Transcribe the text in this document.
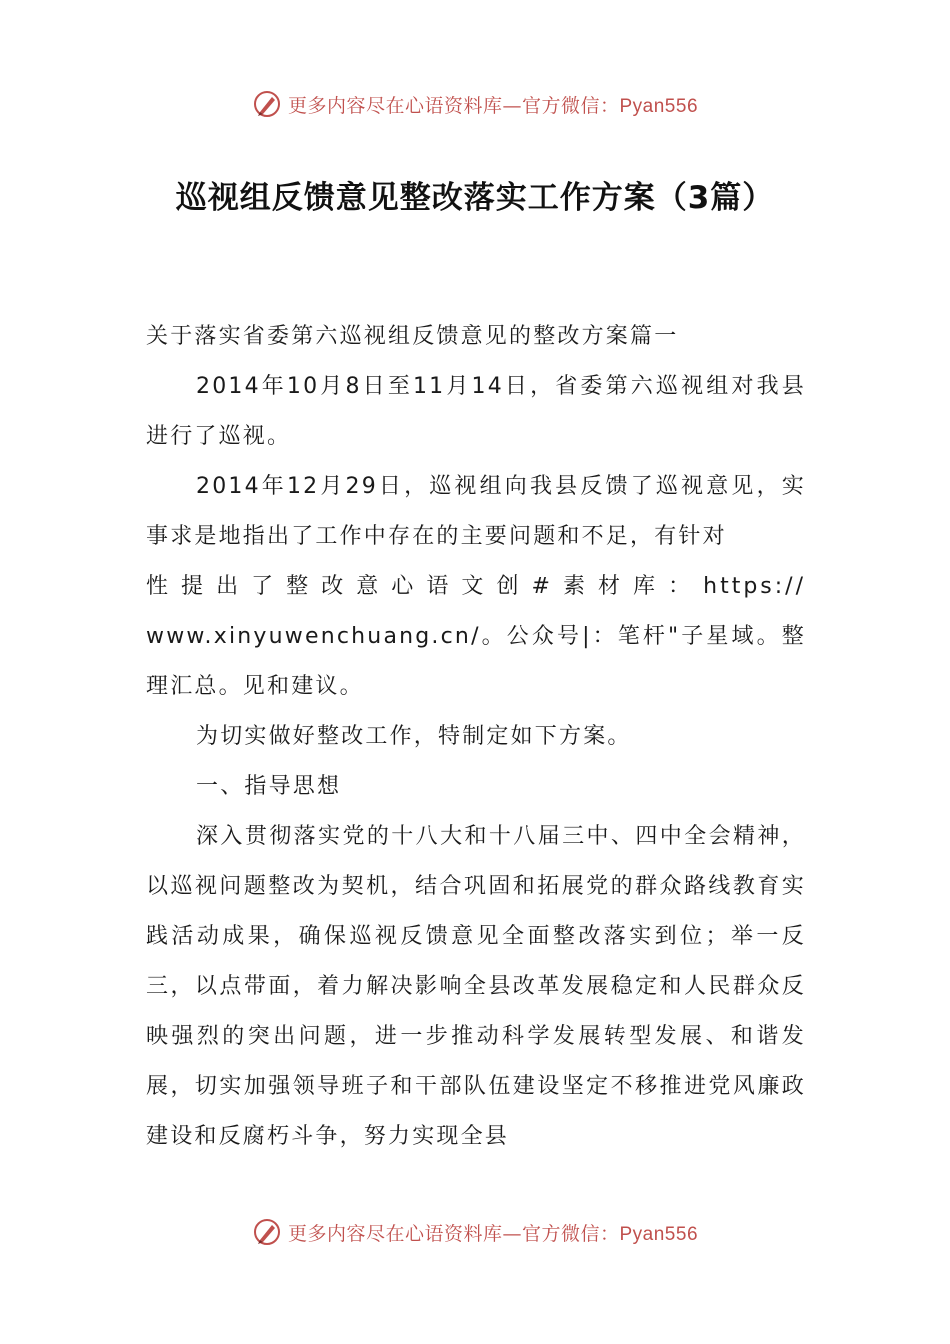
更多内容尽在心语资料库—官方微信：Pyan556
巡视组反馈意见整改落实工作方案（3篇）

关于落实省委第六巡视组反馈意见的整改方案篇一

2014年10月8日至11月14日，省委第六巡视组对我县进行了巡视。

2014年12月29日，巡视组向我县反馈了巡视意见，实事求是地指出了工作中存在的主要问题和不足，有针对

性提出了整改意心语文创#素材库：https://

www.xinyuwenchuang.cn/。公众号|：笔杆"子星域。整理汇总。见和建议。

为切实做好整改工作，特制定如下方案。

一、指导思想

深入贯彻落实党的十八大和十八届三中、四中全会精神，以巡视问题整改为契机，结合巩固和拓展党的群众路线教育实践活动成果，确保巡视反馈意见全面整改落实到位；举一反三，以点带面，着力解决影响全县改革发展稳定和人民群众反映强烈的突出问题，进一步推动科学发展转型发展、和谐发展，切实加强领导班子和干部队伍建设坚定不移推进党风廉政建设和反腐朽斗争，努力实现全县

更多内容尽在心语资料库—官方微信：Pyan556
